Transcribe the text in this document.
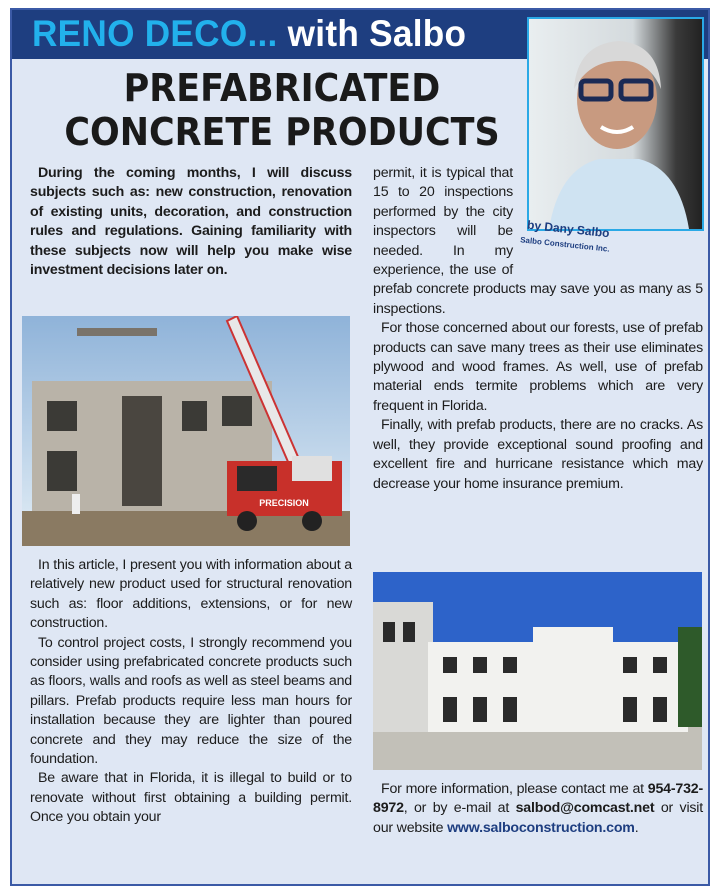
RENO DECO... with Salbo
PREFABRICATED
CONCRETE PRODUCTS
by Dany Salbo
Salbo Construction Inc.

During the coming months, I will discuss subjects such as: new construction, renovation of existing units, decoration, and construction rules and regulations. Gaining familiarity with these subjects now will help you make wise investment decisions later on.

PRECISION

In this article, I present you with information about a relatively new product used for structural renovation such as: floor additions, extensions, or for new construction.

To control project costs, I strongly recommend you consider using prefabricated concrete products such as floors, walls and roofs as well as steel beams and pillars. Prefab products require less man hours for installation because they are lighter than poured concrete and they may reduce the size of the foundation.

Be aware that in Florida, it is illegal to build or to renovate without first obtaining a building permit. Once you obtain your

permit, it is typical that 15 to 20 inspections performed by the city inspectors will be needed. In my experience, the use of prefab concrete products may save you as many as 5 inspections.

For those concerned about our forests, use of prefab products can save many trees as their use eliminates plywood and wood frames. As well, use of prefab material ends termite problems which are very frequent in Florida.

Finally, with prefab products, there are no cracks. As well, they provide exceptional sound proofing and excellent fire and hurricane resistance which may decrease your home insurance premium.

For more information, please contact me at 954-732- 8972, or by e-mail at salbod@comcast.net or visit our website www.salboconstruction.com.
